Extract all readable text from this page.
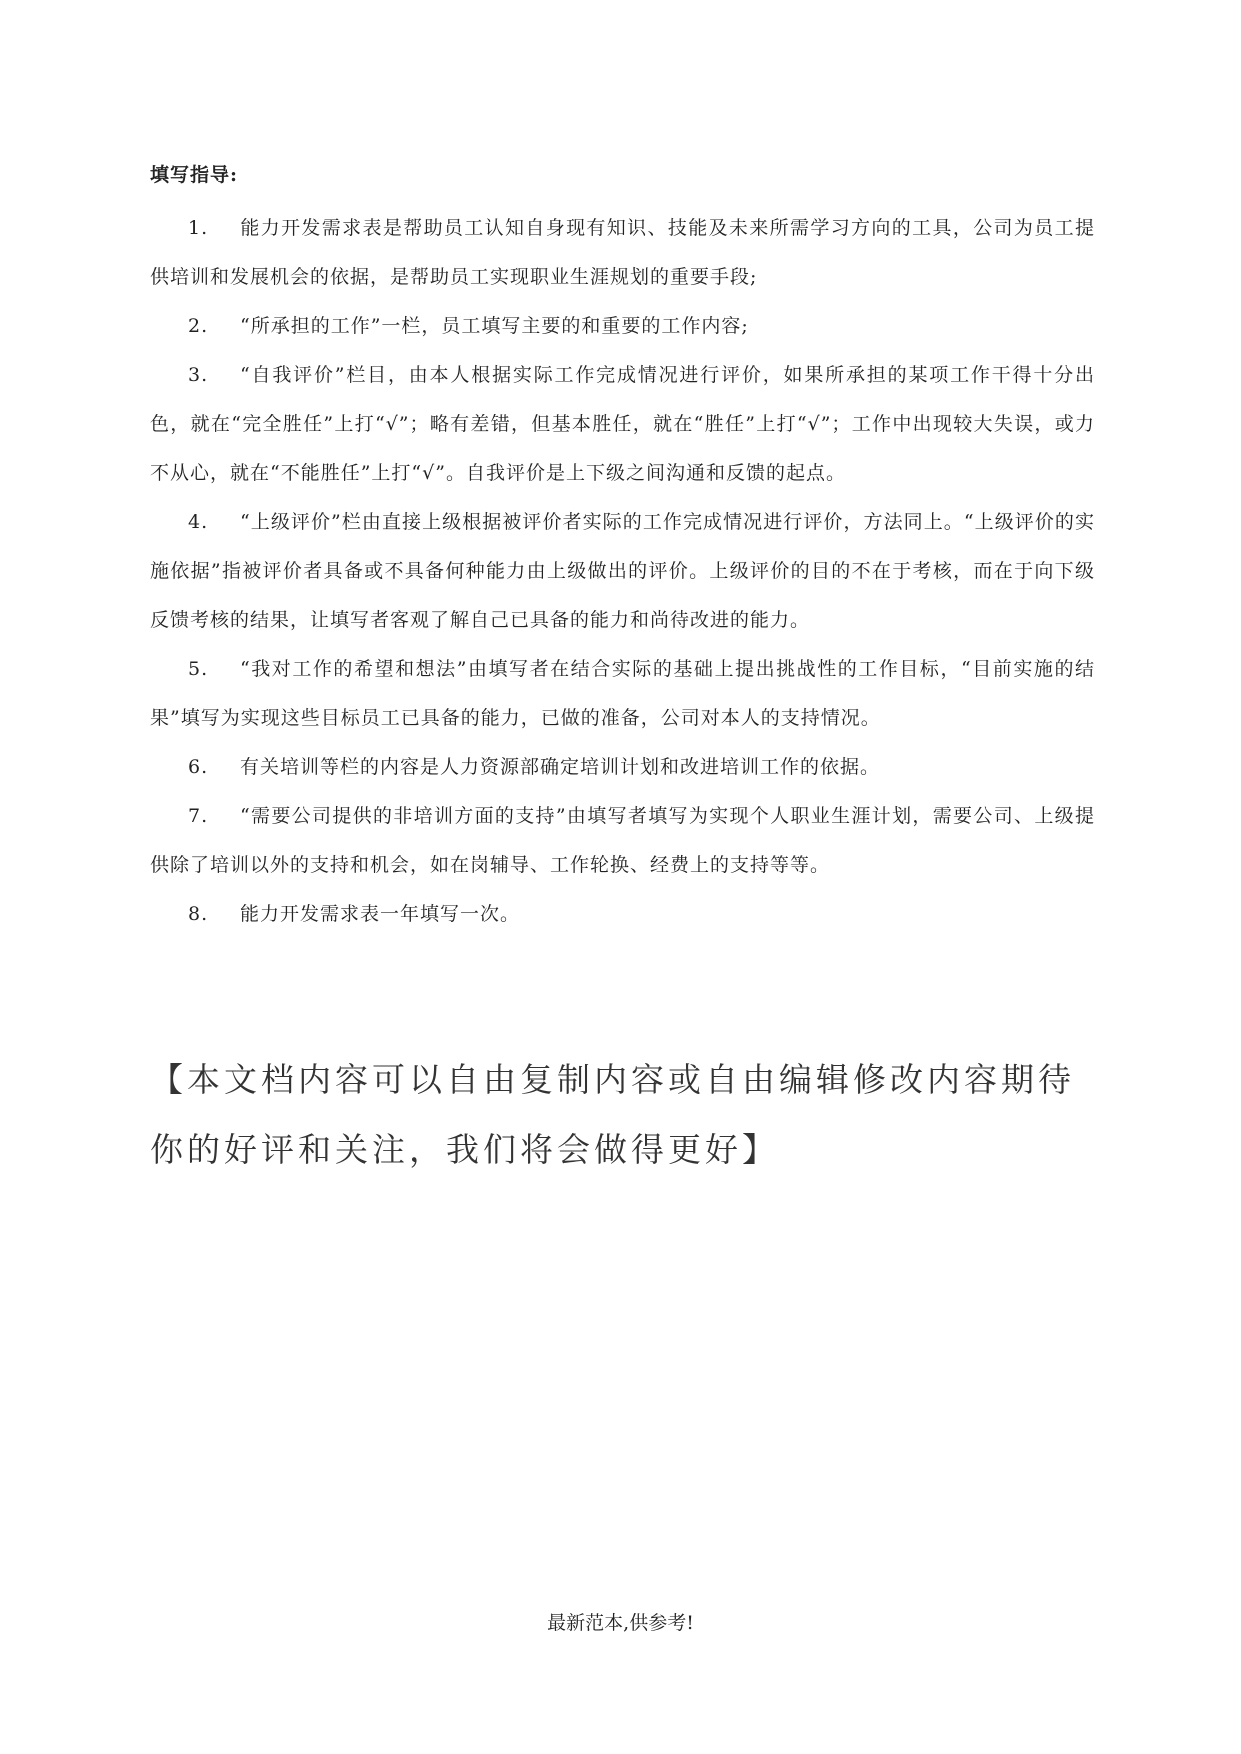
填写指导:

1. 能力开发需求表是帮助员工认知自身现有知识、技能及未来所需学习方向的工具，公司为员工提供培训和发展机会的依据，是帮助员工实现职业生涯规划的重要手段;

2. “所承担的工作”一栏，员工填写主要的和重要的工作内容;

3. “自我评价”栏目，由本人根据实际工作完成情况进行评价，如果所承担的某项工作干得十分出色，就在“完全胜任”上打“√”；略有差错，但基本胜任，就在“胜任”上打“√”；工作中出现较大失误，或力不从心，就在“不能胜任”上打“√”。自我评价是上下级之间沟通和反馈的起点。

4. “上级评价”栏由直接上级根据被评价者实际的工作完成情况进行评价，方法同上。“上级评价的实施依据”指被评价者具备或不具备何种能力由上级做出的评价。上级评价的目的不在于考核，而在于向下级反馈考核的结果，让填写者客观了解自己已具备的能力和尚待改进的能力。

5. “我对工作的希望和想法”由填写者在结合实际的基础上提出挑战性的工作目标，“目前实施的结果”填写为实现这些目标员工已具备的能力，已做的准备，公司对本人的支持情况。

6. 有关培训等栏的内容是人力资源部确定培训计划和改进培训工作的依据。

7. “需要公司提供的非培训方面的支持”由填写者填写为实现个人职业生涯计划，需要公司、上级提供除了培训以外的支持和机会，如在岗辅导、工作轮换、经费上的支持等等。

8. 能力开发需求表一年填写一次。

【本文档内容可以自由复制内容或自由编辑修改内容期待你的好评和关注，我们将会做得更好】

最新范本,供参考!
